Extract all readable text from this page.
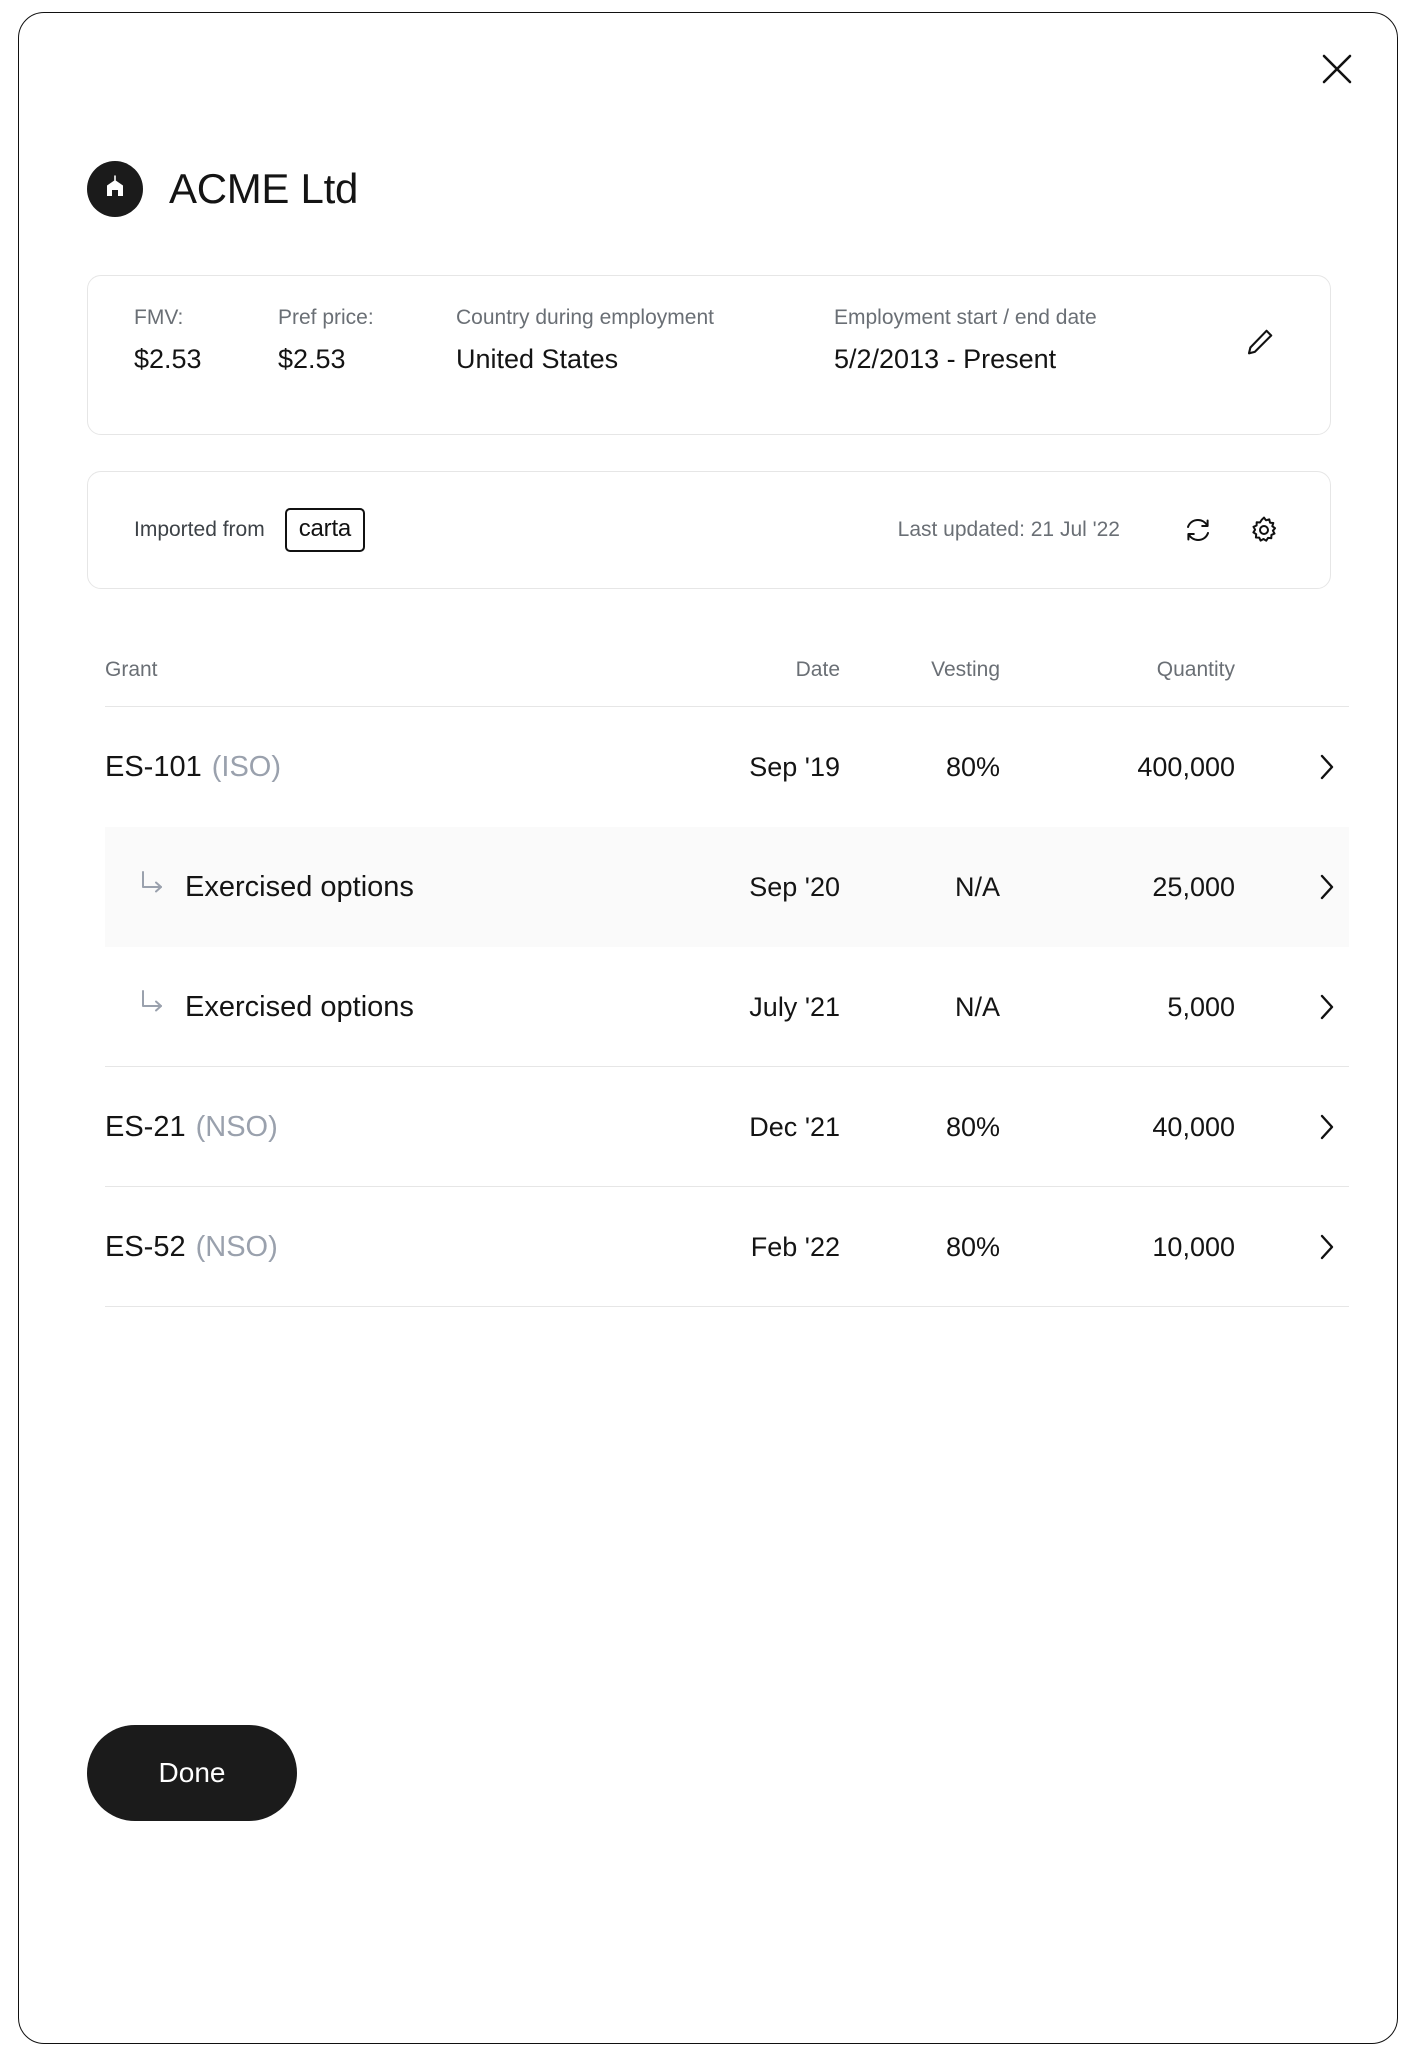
ACME Ltd
FMV:
$2.53
Pref price:
$2.53
Country during employment
United States
Employment start / end date
5/2/2013 - Present
Imported from	carta	Last updated: 21 Jul '22
Grant	Date	Vesting	Quantity
ES-101 (ISO)	Sep '19	80%	400,000
Exercised options	Sep '20	N/A	25,000
Exercised options	July '21	N/A	5,000
ES-21 (NSO)	Dec '21	80%	40,000
ES-52 (NSO)	Feb '22	80%	10,000
Done
